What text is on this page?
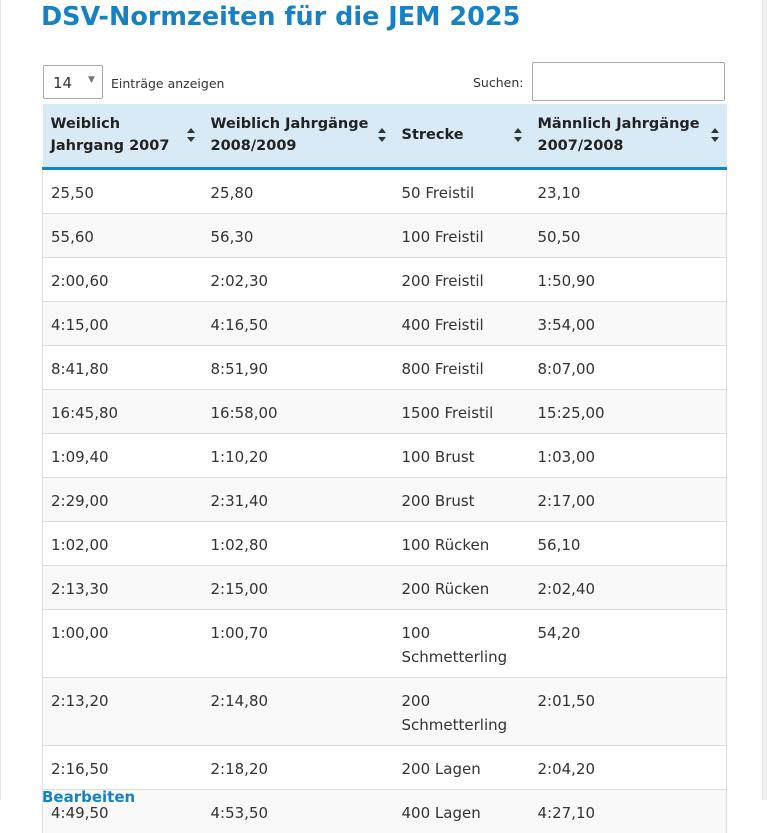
DSV-Normzeiten für die JEM 2025
14 ▼ Einträge anzeigen	Suchen:
Weiblich Jahrgang 2007	Weiblich Jahrgänge 2008/2009	Strecke	Männlich Jahrgänge 2007/2008

25,50	25,80	50 Freistil	23,10
55,60	56,30	100 Freistil	50,50
2:00,60	2:02,30	200 Freistil	1:50,90
4:15,00	4:16,50	400 Freistil	3:54,00
8:41,80	8:51,90	800 Freistil	8:07,00
16:45,80	16:58,00	1500 Freistil	15:25,00
1:09,40	1:10,20	100 Brust	1:03,00
2:29,00	2:31,40	200 Brust	2:17,00
1:02,00	1:02,80	100 Rücken	56,10
2:13,30	2:15,00	200 Rücken	2:02,40
1:00,00	1:00,70	100 Schmetterling	54,20
2:13,20	2:14,80	200 Schmetterling	2:01,50
2:16,50	2:18,20	200 Lagen	2:04,20
4:49,50	4:53,50	400 Lagen	4:27,10
Bearbeiten
